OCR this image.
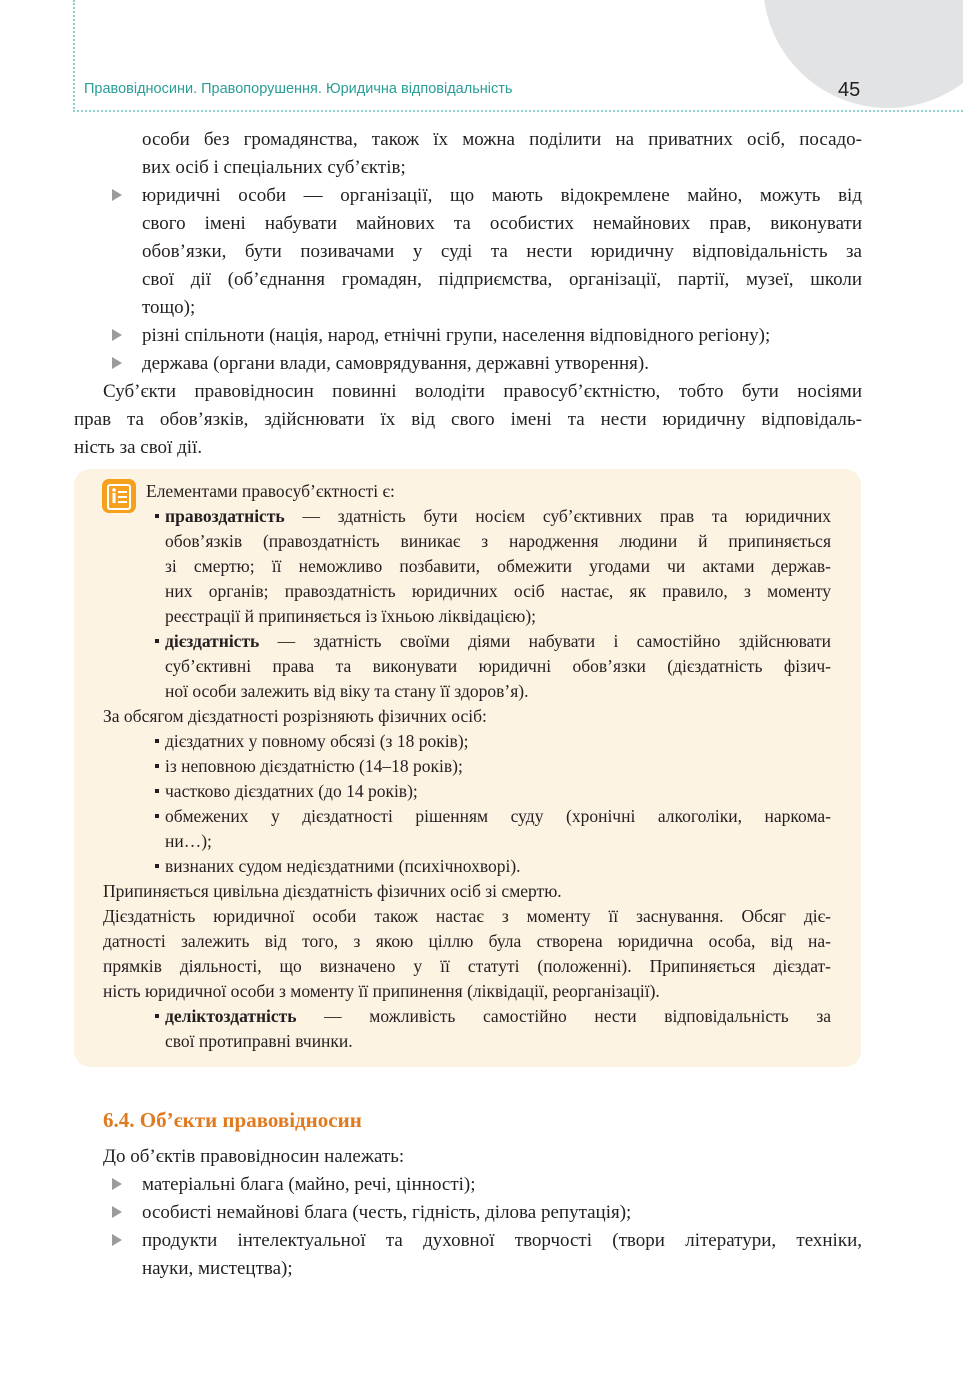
Правовідносини. Правопорушення. Юридична відповідальність	45
особи без громадянства, також їх можна поділити на приватних осіб, посадо-
вих осіб і спеціальних суб’єктів;
юридичні особи — організації, що мають відокремлене майно, можуть від
свого імені набувати майнових та особистих немайнових прав, виконувати
обов’язки, бути позивачами у суді та нести юридичну відповідальність за
свої дії (об’єднання громадян, підприємства, організації, партії, музеї, школи
тощо);
різні спільноти (нація, народ, етнічні групи, населення відповідного регіону);
держава (органи влади, самоврядування, державні утворення).
Суб’єкти правовідносин повинні володіти правосуб’єктністю, тобто бути носіями
прав та обов’язків, здійснювати їх від свого імені та нести юридичну відповідаль-
ність за свої дії.
Елементами правосуб’єктності є:
правоздатність — здатність бути носієм суб’єктивних прав та юридичних
обов’язків (правоздатність виникає з народження людини й припиняється
зі смертю; її неможливо позбавити, обмежити угодами чи актами держав-
них органів; правоздатність юридичних осіб настає, як правило, з моменту
реєстрації й припиняється із їхньою ліквідацією);
дієздатність — здатність своїми діями набувати і самостійно здійснювати
суб’єктивні права та виконувати юридичні обов’язки (дієздатність фізич-
ної особи залежить від віку та стану її здоров’я).
За обсягом дієздатності розрізняють фізичних осіб:
дієздатних у повному обсязі (з 18 років);
із неповною дієздатністю (14–18 років);
частково дієздатних (до 14 років);
обмежених у дієздатності рішенням суду (хронічні алкоголіки, наркома-
ни…);
визнаних судом недієздатними (психічнохворі).
Припиняється цивільна дієздатність фізичних осіб зі смертю.
Дієздатність юридичної особи також настає з моменту її заснування. Обсяг діє-
датності залежить від того, з якою ціллю була створена юридична особа, від на-
прямків діяльності, що визначено у її статуті (положенні). Припиняється дієздат-
ність юридичної особи з моменту її припинення (ліквідації, реорганізації).
деліктоздатність — можливість самостійно нести відповідальність за
свої протиправні вчинки.
6.4. Об’єкти правовідносин
До об’єктів правовідносин належать:
матеріальні блага (майно, речі, цінності);
особисті немайнові блага (честь, гідність, ділова репутація);
продукти інтелектуальної та духовної творчості (твори літератури, техніки,
науки, мистецтва);
